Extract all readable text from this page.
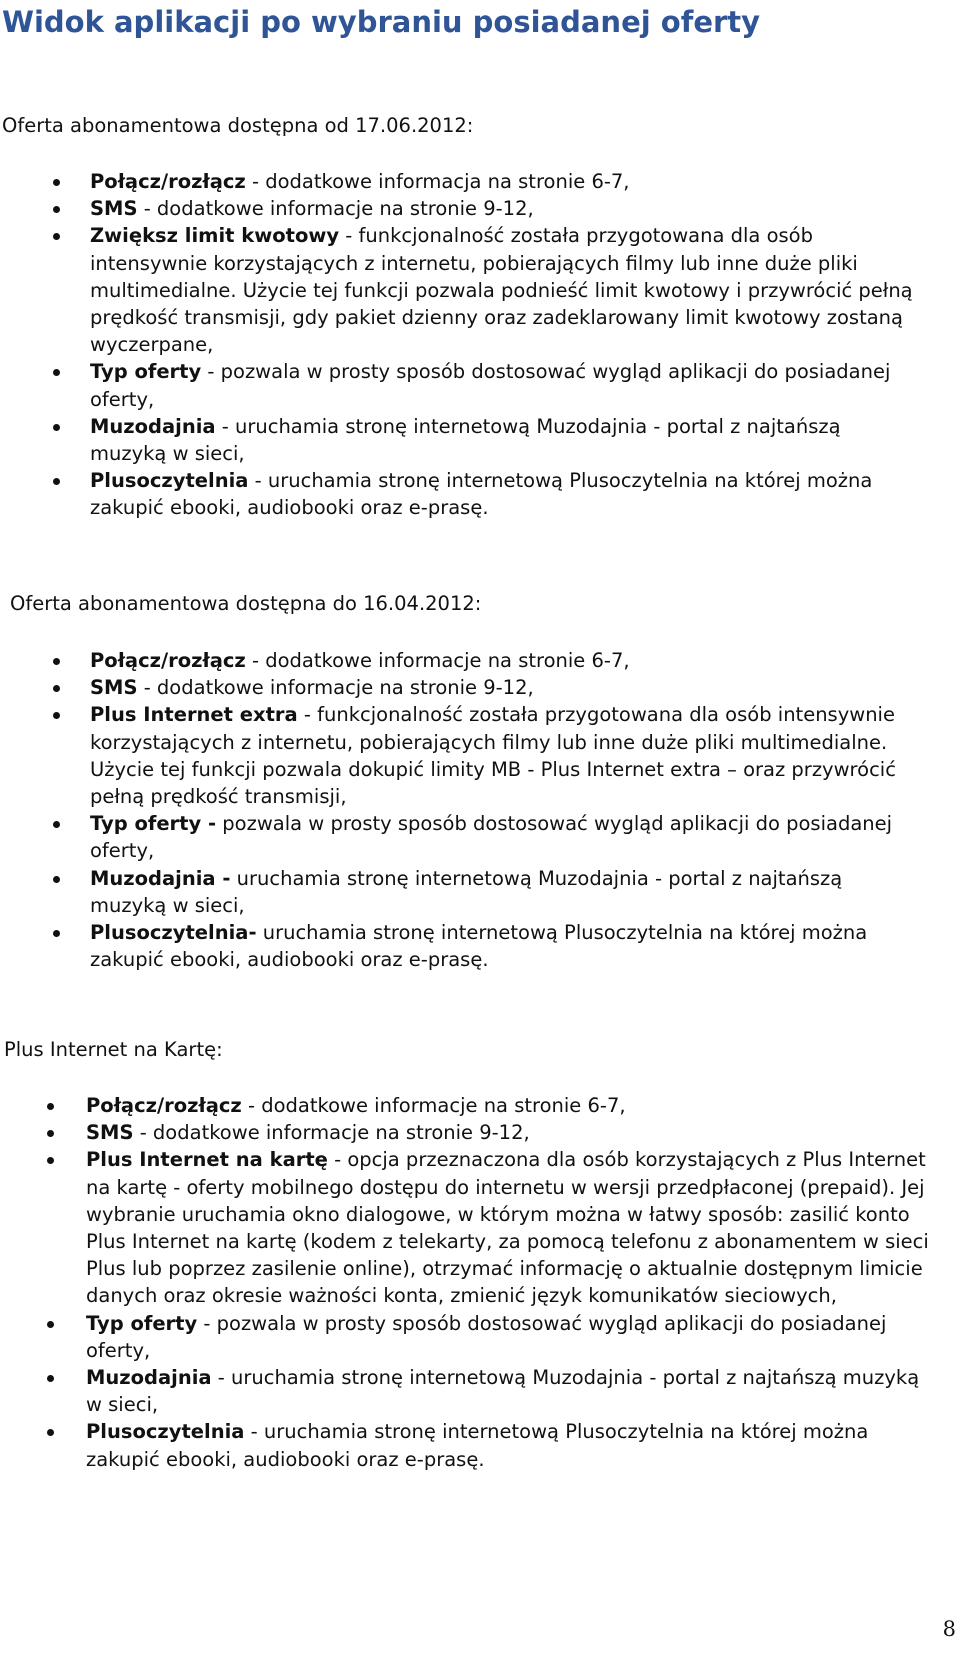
Widok aplikacji po wybraniu posiadanej oferty

Oferta abonamentowa dostępna od 17.06.2012:

Połącz/rozłącz - dodatkowe informacja na stronie 6-7,
SMS - dodatkowe informacje na stronie 9-12,
Zwiększ limit kwotowy - funkcjonalność została przygotowana dla osób intensywnie korzystających z internetu, pobierających filmy lub inne duże pliki multimedialne. Użycie tej funkcji pozwala podnieść limit kwotowy i przywrócić pełną prędkość transmisji, gdy pakiet dzienny oraz zadeklarowany limit kwotowy zostaną wyczerpane,
Typ oferty - pozwala w prosty sposób dostosować wygląd aplikacji do posiadanej oferty,
Muzodajnia - uruchamia stronę internetową Muzodajnia - portal z najtańszą muzyką w sieci,
Plusoczytelnia - uruchamia stronę internetową Plusoczytelnia na której można zakupić ebooki, audiobooki oraz e-prasę.

Oferta abonamentowa dostępna do 16.04.2012:

Połącz/rozłącz - dodatkowe informacje na stronie 6-7,
SMS - dodatkowe informacje na stronie 9-12,
Plus Internet extra - funkcjonalność została przygotowana dla osób intensywnie korzystających z internetu, pobierających filmy lub inne duże pliki multimedialne. Użycie tej funkcji pozwala dokupić limity MB - Plus Internet extra – oraz przywrócić pełną prędkość transmisji,
Typ oferty - pozwala w prosty sposób dostosować wygląd aplikacji do posiadanej oferty,
Muzodajnia - uruchamia stronę internetową Muzodajnia - portal z najtańszą muzyką w sieci,
Plusoczytelnia- uruchamia stronę internetową Plusoczytelnia na której można zakupić ebooki, audiobooki oraz e-prasę.

Plus Internet na Kartę:

Połącz/rozłącz - dodatkowe informacje na stronie 6-7,
SMS - dodatkowe informacje na stronie 9-12,
Plus Internet na kartę - opcja przeznaczona dla osób korzystających z Plus Internet na kartę - oferty mobilnego dostępu do internetu w wersji przedpłaconej (prepaid). Jej wybranie uruchamia okno dialogowe, w którym można w łatwy sposób: zasilić konto Plus Internet na kartę (kodem z telekarty, za pomocą telefonu z abonamentem w sieci Plus lub poprzez zasilenie online), otrzymać informację o aktualnie dostępnym limicie danych oraz okresie ważności konta, zmienić język komunikatów sieciowych,
Typ oferty - pozwala w prosty sposób dostosować wygląd aplikacji do posiadanej oferty,
Muzodajnia - uruchamia stronę internetową Muzodajnia - portal z najtańszą muzyką w sieci,
Plusoczytelnia - uruchamia stronę internetową Plusoczytelnia na której można zakupić ebooki, audiobooki oraz e-prasę.
8
